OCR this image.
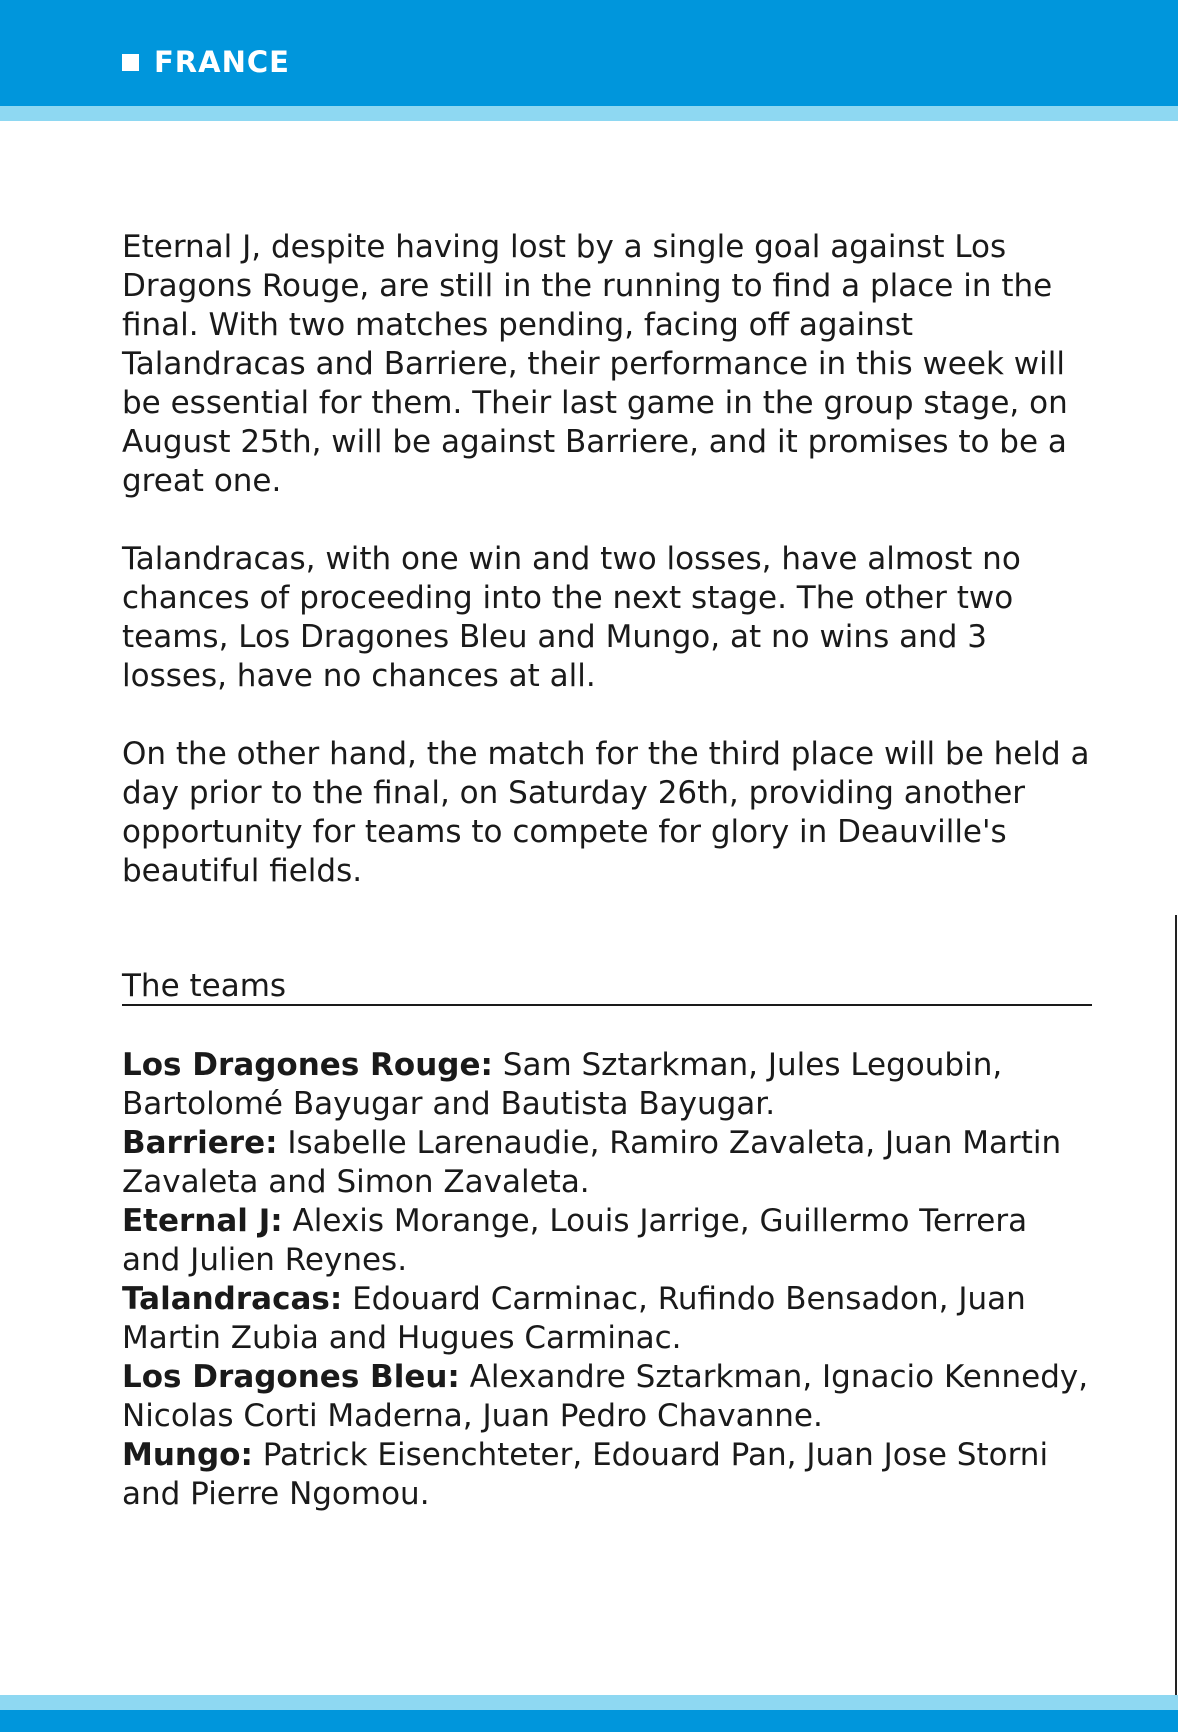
FRANCE

Eternal J, despite having lost by a single goal against Los Dragons Rouge, are still in the running to find a place in the final. With two matches pending, facing off against Talandracas and Barriere, their performance in this week will be essential for them. Their last game in the group stage, on August 25th, will be against Barriere, and it promises to be a great one.

Talandracas, with one win and two losses, have almost no chances of proceeding into the next stage. The other two teams, Los Dragones Bleu and Mungo, at no wins and 3 losses, have no chances at all.

On the other hand, the match for the third place will be held a day prior to the final, on Saturday 26th, providing another opportunity for teams to compete for glory in Deauville's beautiful fields.

The teams

Los Dragones Rouge: Sam Sztarkman, Jules Legoubin, Bartolomé Bayugar and Bautista Bayugar.

Barriere: Isabelle Larenaudie, Ramiro Zavaleta, Juan Martin Zavaleta and Simon Zavaleta.

Eternal J: Alexis Morange, Louis Jarrige, Guillermo Terrera and Julien Reynes.

Talandracas: Edouard Carminac, Rufindo Bensadon, Juan Martin Zubia and Hugues Carminac.

Los Dragones Bleu: Alexandre Sztarkman, Ignacio Kennedy, Nicolas Corti Maderna, Juan Pedro Chavanne.

Mungo: Patrick Eisenchteter, Edouard Pan, Juan Jose Storni and Pierre Ngomou.
